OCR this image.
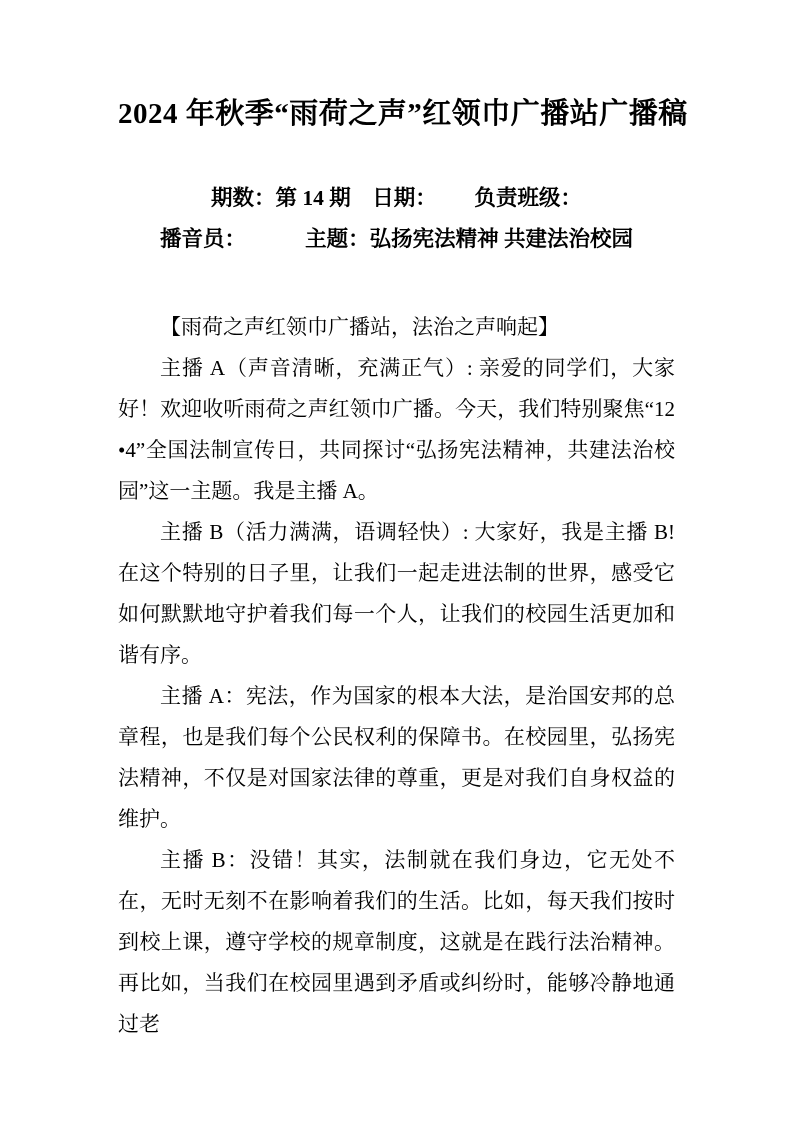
2024 年秋季“雨荷之声”红领巾广播站广播稿
期数：第 14 期　日期：　　 负责班级：
播音员：　　　 主题：弘扬宪法精神 共建法治校园

【雨荷之声红领巾广播站，法治之声响起】

主播 A（声音清晰，充满正气）: 亲爱的同学们，大家好！欢迎收听雨荷之声红领巾广播。今天，我们特别聚焦“12 •4”全国法制宣传日，共同探讨“弘扬宪法精神，共建法治校园”这一主题。我是主播 A。

主播 B（活力满满，语调轻快）: 大家好，我是主播 B! 在这个特别的日子里，让我们一起走进法制的世界，感受它如何默默地守护着我们每一个人，让我们的校园生活更加和谐有序。

主播 A：宪法，作为国家的根本大法，是治国安邦的总章程，也是我们每个公民权利的保障书。在校园里，弘扬宪法精神，不仅是对国家法律的尊重，更是对我们自身权益的维护。

主播 B：没错！其实，法制就在我们身边，它无处不在，无时无刻不在影响着我们的生活。比如，每天我们按时到校上课，遵守学校的规章制度，这就是在践行法治精神。再比如，当我们在校园里遇到矛盾或纠纷时，能够冷静地通过老
